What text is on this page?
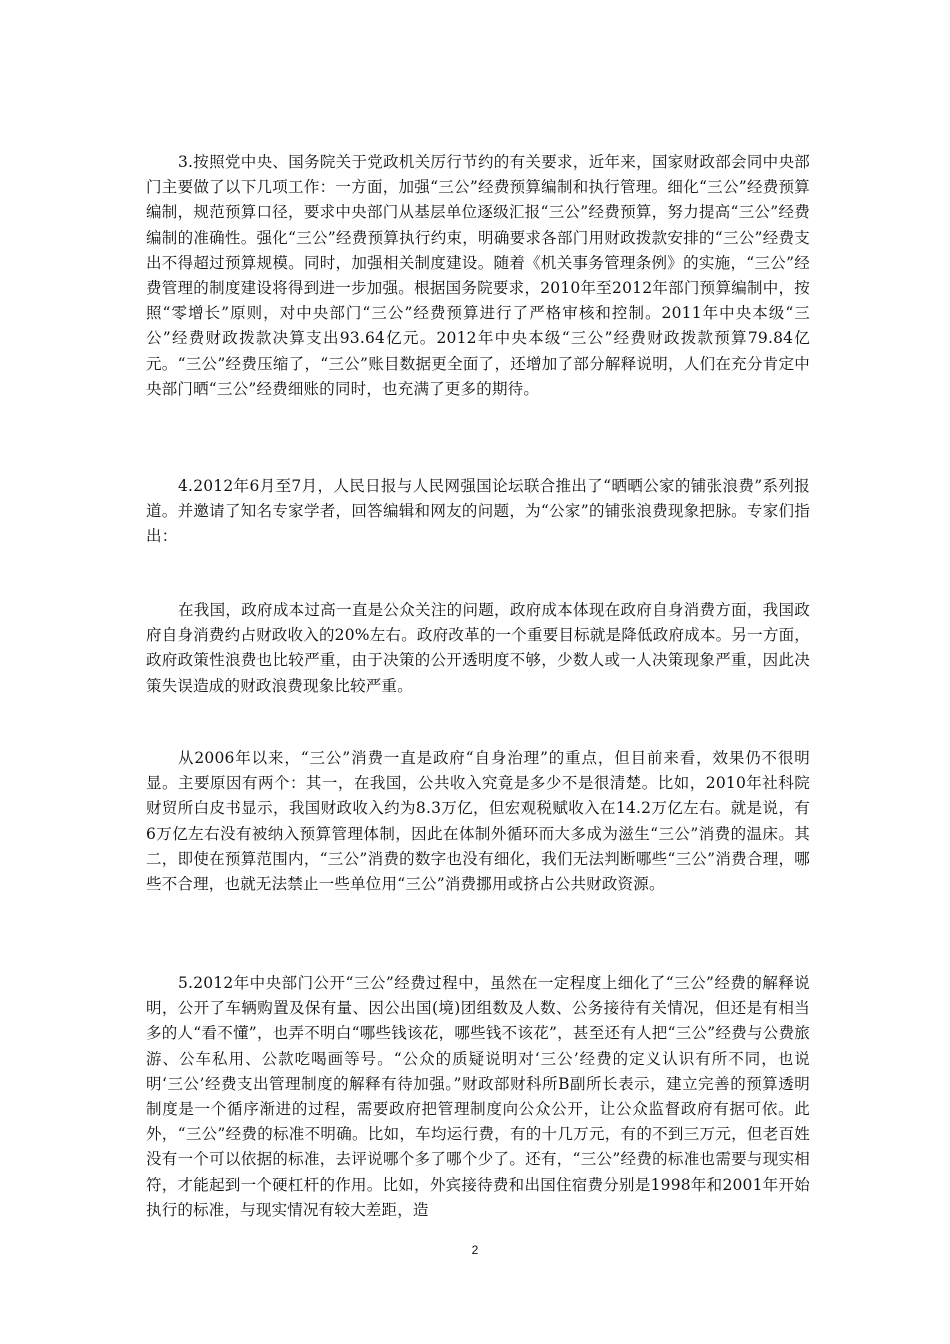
3.按照党中央、国务院关于党政机关厉行节约的有关要求，近年来，国家财政部会同中央部门主要做了以下几项工作：一方面，加强“三公”经费预算编制和执行管理。细化“三公”经费预算编制，规范预算口径，要求中央部门从基层单位逐级汇报“三公”经费预算，努力提高“三公”经费编制的准确性。强化“三公”经费预算执行约束，明确要求各部门用财政拨款安排的“三公”经费支出不得超过预算规模。同时，加强相关制度建设。随着《机关事务管理条例》的实施，“三公”经费管理的制度建设将得到进一步加强。根据国务院要求，2010年至2012年部门预算编制中，按照“零增长”原则，对中央部门“三公”经费预算进行了严格审核和控制。2011年中央本级“三公”经费财政拨款决算支出93.64亿元。2012年中央本级“三公”经费财政拨款预算79.84亿元。“三公”经费压缩了，“三公”账目数据更全面了，还增加了部分解释说明，人们在充分肯定中央部门晒“三公”经费细账的同时，也充满了更多的期待。

4.2012年6月至7月，人民日报与人民网强国论坛联合推出了“晒晒公家的铺张浪费”系列报道。并邀请了知名专家学者，回答编辑和网友的问题，为“公家”的铺张浪费现象把脉。专家们指出：

在我国，政府成本过高一直是公众关注的问题，政府成本体现在政府自身消费方面，我国政府自身消费约占财政收入的20%左右。政府改革的一个重要目标就是降低政府成本。另一方面，政府政策性浪费也比较严重，由于决策的公开透明度不够，少数人或一人决策现象严重，因此决策失误造成的财政浪费现象比较严重。

从2006年以来，“三公”消费一直是政府“自身治理”的重点，但目前来看，效果仍不很明显。主要原因有两个：其一，在我国，公共收入究竟是多少不是很清楚。比如，2010年社科院财贸所白皮书显示，我国财政收入约为8.3万亿，但宏观税赋收入在14.2万亿左右。就是说，有6万亿左右没有被纳入预算管理体制，因此在体制外循环而大多成为滋生“三公”消费的温床。其二，即使在预算范围内，“三公”消费的数字也没有细化，我们无法判断哪些“三公”消费合理，哪些不合理，也就无法禁止一些单位用“三公”消费挪用或挤占公共财政资源。

5.2012年中央部门公开“三公”经费过程中，虽然在一定程度上细化了“三公”经费的解释说明，公开了车辆购置及保有量、因公出国(境)团组数及人数、公务接待有关情况，但还是有相当多的人“看不懂”，也弄不明白“哪些钱该花，哪些钱不该花”，甚至还有人把“三公”经费与公费旅游、公车私用、公款吃喝画等号。“公众的质疑说明对‘三公’经费的定义认识有所不同，也说明‘三公’经费支出管理制度的解释有待加强。”财政部财科所B副所长表示，建立完善的预算透明制度是一个循序渐进的过程，需要政府把管理制度向公众公开，让公众监督政府有据可依。此外，“三公”经费的标准不明确。比如，车均运行费，有的十几万元，有的不到三万元，但老百姓没有一个可以依据的标准，去评说哪个多了哪个少了。还有，“三公”经费的标准也需要与现实相符，才能起到一个硬杠杆的作用。比如，外宾接待费和出国住宿费分别是1998年和2001年开始执行的标准，与现实情况有较大差距，造

2
